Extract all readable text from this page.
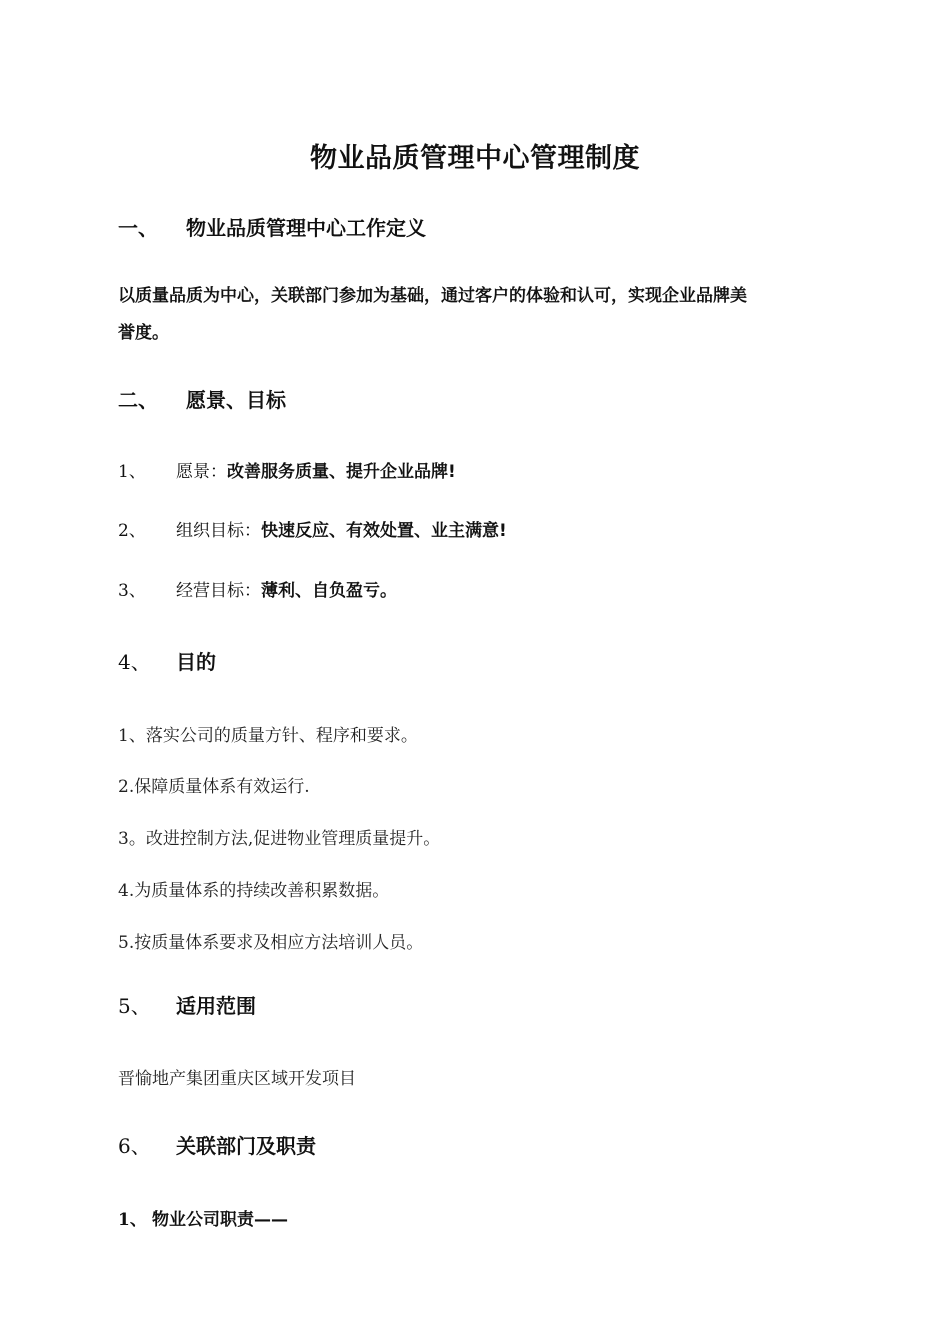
物业品质管理中心管理制度
一、 物业品质管理中心工作定义
以质量品质为中心，关联部门参加为基础，通过客户的体验和认可，实现企业品牌美
誉度。
二、 愿景、目标
1、 愿景：改善服务质量、提升企业品牌!
2、 组织目标：快速反应、有效处置、业主满意!
3、 经营目标：薄利、自负盈亏。
4、 目的
1、落实公司的质量方针、程序和要求。
2.保障质量体系有效运行.
3。改进控制方法,促进物业管理质量提升。
4.为质量体系的持续改善积累数据。
5.按质量体系要求及相应方法培训人员。
5、 适用范围
晋愉地产集团重庆区域开发项目
6、 关联部门及职责
1、 物业公司职责——
